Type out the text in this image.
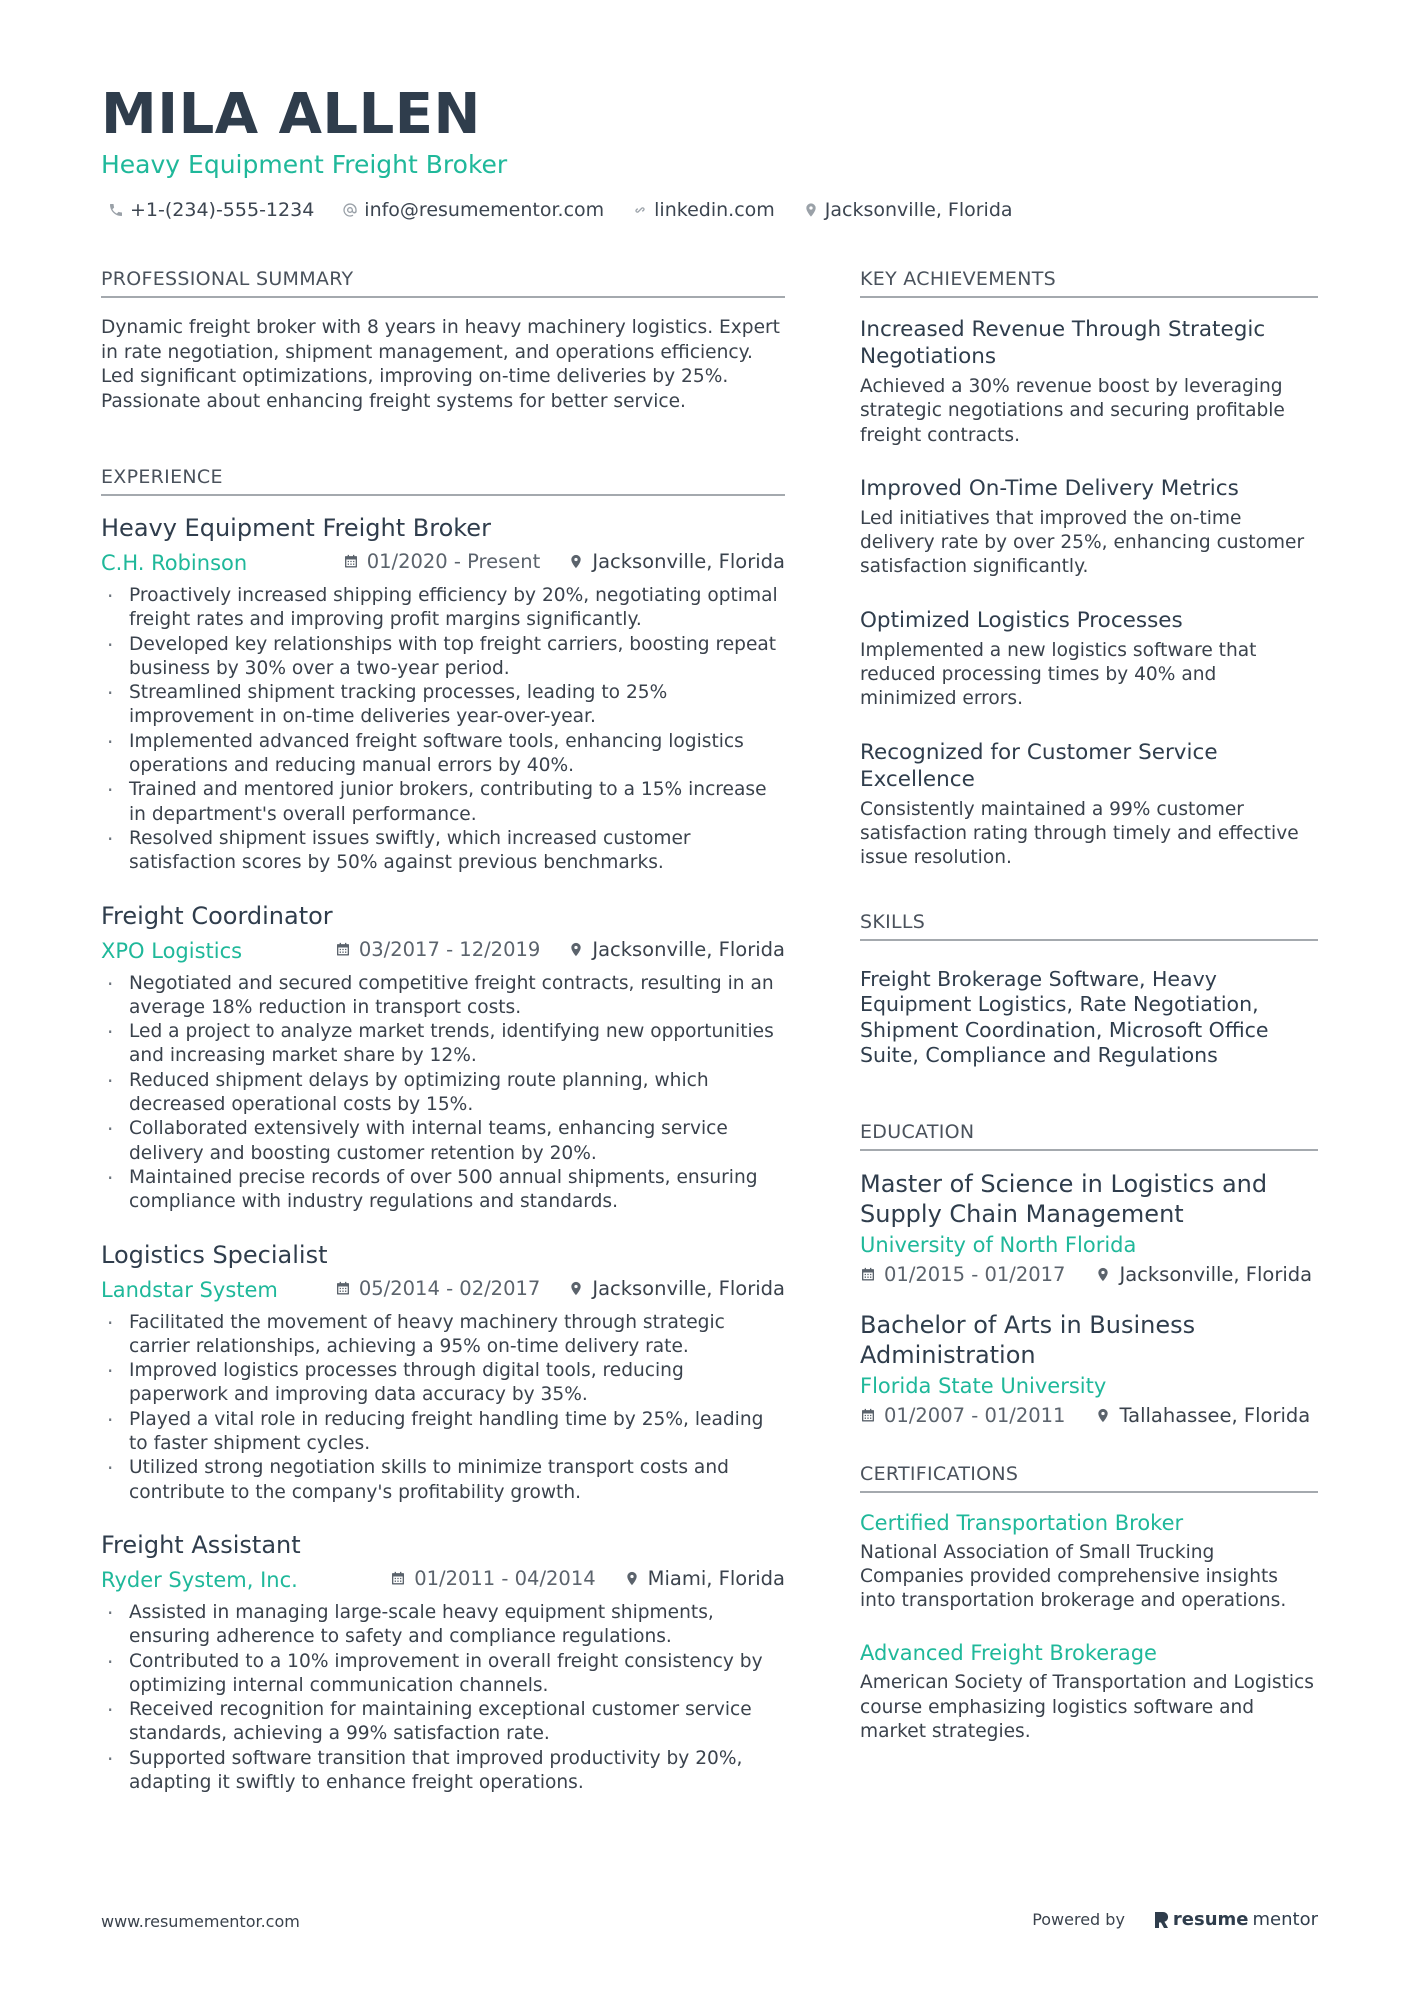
MILA ALLEN
Heavy Equipment Freight Broker
+1-(234)-555-1234	info@resumementor.com	linkedin.com	Jacksonville, Florida
PROFESSIONAL SUMMARY
Dynamic freight broker with 8 years in heavy machinery logistics. Expert in rate negotiation, shipment management, and operations efficiency. Led significant optimizations, improving on-time deliveries by 25%. Passionate about enhancing freight systems for better service.
EXPERIENCE
Heavy Equipment Freight Broker
C.H. Robinson	01/2020 - Present	Jacksonville, Florida
· Proactively increased shipping efficiency by 20%, negotiating optimal freight rates and improving profit margins significantly.
· Developed key relationships with top freight carriers, boosting repeat business by 30% over a two-year period.
· Streamlined shipment tracking processes, leading to 25% improvement in on-time deliveries year-over-year.
· Implemented advanced freight software tools, enhancing logistics operations and reducing manual errors by 40%.
· Trained and mentored junior brokers, contributing to a 15% increase in department's overall performance.
· Resolved shipment issues swiftly, which increased customer satisfaction scores by 50% against previous benchmarks.
Freight Coordinator
XPO Logistics	03/2017 - 12/2019	Jacksonville, Florida
· Negotiated and secured competitive freight contracts, resulting in an average 18% reduction in transport costs.
· Led a project to analyze market trends, identifying new opportunities and increasing market share by 12%.
· Reduced shipment delays by optimizing route planning, which decreased operational costs by 15%.
· Collaborated extensively with internal teams, enhancing service delivery and boosting customer retention by 20%.
· Maintained precise records of over 500 annual shipments, ensuring compliance with industry regulations and standards.
Logistics Specialist
Landstar System	05/2014 - 02/2017	Jacksonville, Florida
· Facilitated the movement of heavy machinery through strategic carrier relationships, achieving a 95% on-time delivery rate.
· Improved logistics processes through digital tools, reducing paperwork and improving data accuracy by 35%.
· Played a vital role in reducing freight handling time by 25%, leading to faster shipment cycles.
· Utilized strong negotiation skills to minimize transport costs and contribute to the company's profitability growth.
Freight Assistant
Ryder System, Inc.	01/2011 - 04/2014	Miami, Florida
· Assisted in managing large-scale heavy equipment shipments, ensuring adherence to safety and compliance regulations.
· Contributed to a 10% improvement in overall freight consistency by optimizing internal communication channels.
· Received recognition for maintaining exceptional customer service standards, achieving a 99% satisfaction rate.
· Supported software transition that improved productivity by 20%, adapting it swiftly to enhance freight operations.
KEY ACHIEVEMENTS
Increased Revenue Through Strategic Negotiations
Achieved a 30% revenue boost by leveraging strategic negotiations and securing profitable freight contracts.
Improved On-Time Delivery Metrics
Led initiatives that improved the on-time delivery rate by over 25%, enhancing customer satisfaction significantly.
Optimized Logistics Processes
Implemented a new logistics software that reduced processing times by 40% and minimized errors.
Recognized for Customer Service Excellence
Consistently maintained a 99% customer satisfaction rating through timely and effective issue resolution.
SKILLS
Freight Brokerage Software, Heavy Equipment Logistics, Rate Negotiation, Shipment Coordination, Microsoft Office Suite, Compliance and Regulations
EDUCATION
Master of Science in Logistics and Supply Chain Management
University of North Florida
01/2015 - 01/2017	Jacksonville, Florida
Bachelor of Arts in Business Administration
Florida State University
01/2007 - 01/2011	Tallahassee, Florida
CERTIFICATIONS
Certified Transportation Broker
National Association of Small Trucking Companies provided comprehensive insights into transportation brokerage and operations.
Advanced Freight Brokerage
American Society of Transportation and Logistics course emphasizing logistics software and market strategies.
www.resumementor.com	Powered by	resume mentor
